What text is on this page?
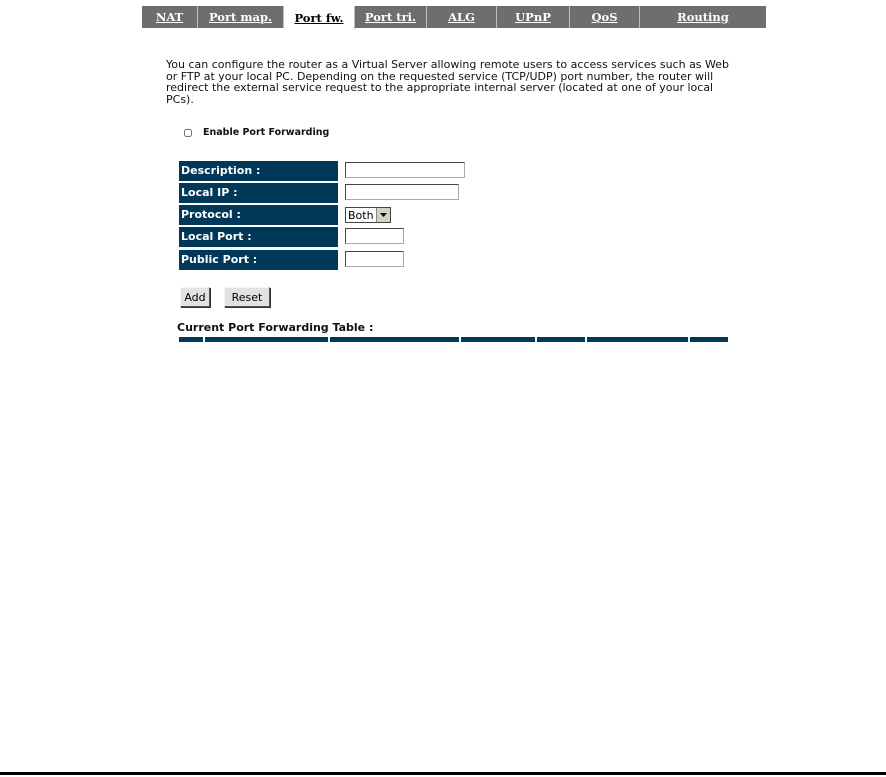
NAT	Port map.	Port fw.	Port tri.	ALG	UPnP	QoS	Routing
You can configure the router as a Virtual Server allowing remote users to access services such as Web or FTP at your local PC. Depending on the requested service (TCP/UDP) port number, the router will redirect the external service request to the appropriate internal server (located at one of your local PCs).
Enable Port Forwarding
Description :
Local IP :
Protocol :	Both
Local Port :
Public Port :
Add	Reset
Current Port Forwarding Table :
